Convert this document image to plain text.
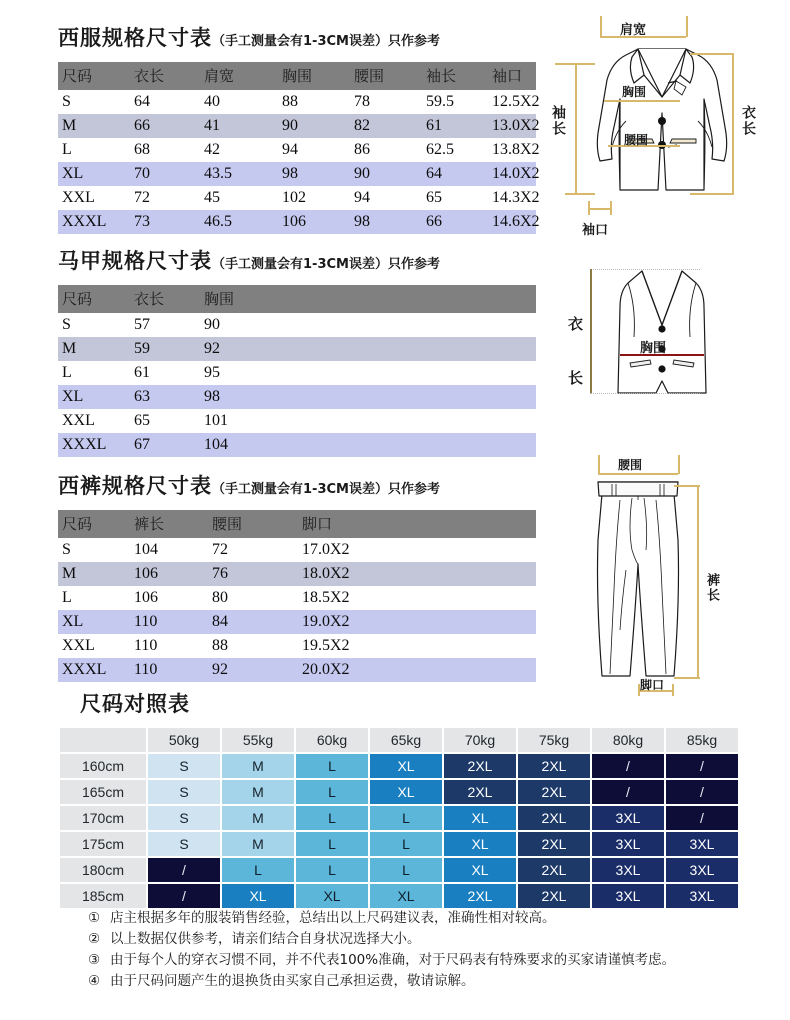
西服规格尺寸表（手工测量会有1-3CM误差）只作参考
尺码	衣长	肩宽	胸围	腰围	袖长	袖口
S	64	40	88	78	59.5	12.5X2
M	66	41	90	82	61	13.0X2
L	68	42	94	86	62.5	13.8X2
XL	70	43.5	98	90	64	14.0X2
XXL	72	45	102	94	65	14.3X2
XXXL	73	46.5	106	98	66	14.6X2
马甲规格尺寸表（手工测量会有1-3CM误差）只作参考
尺码	衣长	胸围
S	57	90
M	59	92
L	61	95
XL	63	98
XXL	65	101
XXXL	67	104
西裤规格尺寸表（手工测量会有1-3CM误差）只作参考
尺码	裤长	腰围	脚口
S	104	72	17.0X2
M	106	76	18.0X2
L	106	80	18.5X2
XL	110	84	19.0X2
XXL	110	88	19.5X2
XXXL	110	92	20.0X2
尺码对照表
	50kg	55kg	60kg	65kg	70kg	75kg	80kg	85kg
160cm	S	M	L	XL	2XL	2XL	/	/
165cm	S	M	L	XL	2XL	2XL	/	/
170cm	S	M	L	L	XL	2XL	3XL	/
175cm	S	M	L	L	XL	2XL	3XL	3XL
180cm	/	L	L	L	XL	2XL	3XL	3XL
185cm	/	XL	XL	XL	2XL	2XL	3XL	3XL
① 店主根据多年的服装销售经验，总结出以上尺码建议表，准确性相对较高。
② 以上数据仅供参考，请亲们结合自身状况选择大小。
③ 由于每个人的穿衣习惯不同，并不代表100%准确，对于尺码表有特殊要求的买家请谨慎考虑。
④ 由于尺码问题产生的退换货由买家自己承担运费，敬请谅解。
肩宽
胸围
腰围
袖长	衣长
袖口
衣
长
胸围
腰围
裤长
脚口
